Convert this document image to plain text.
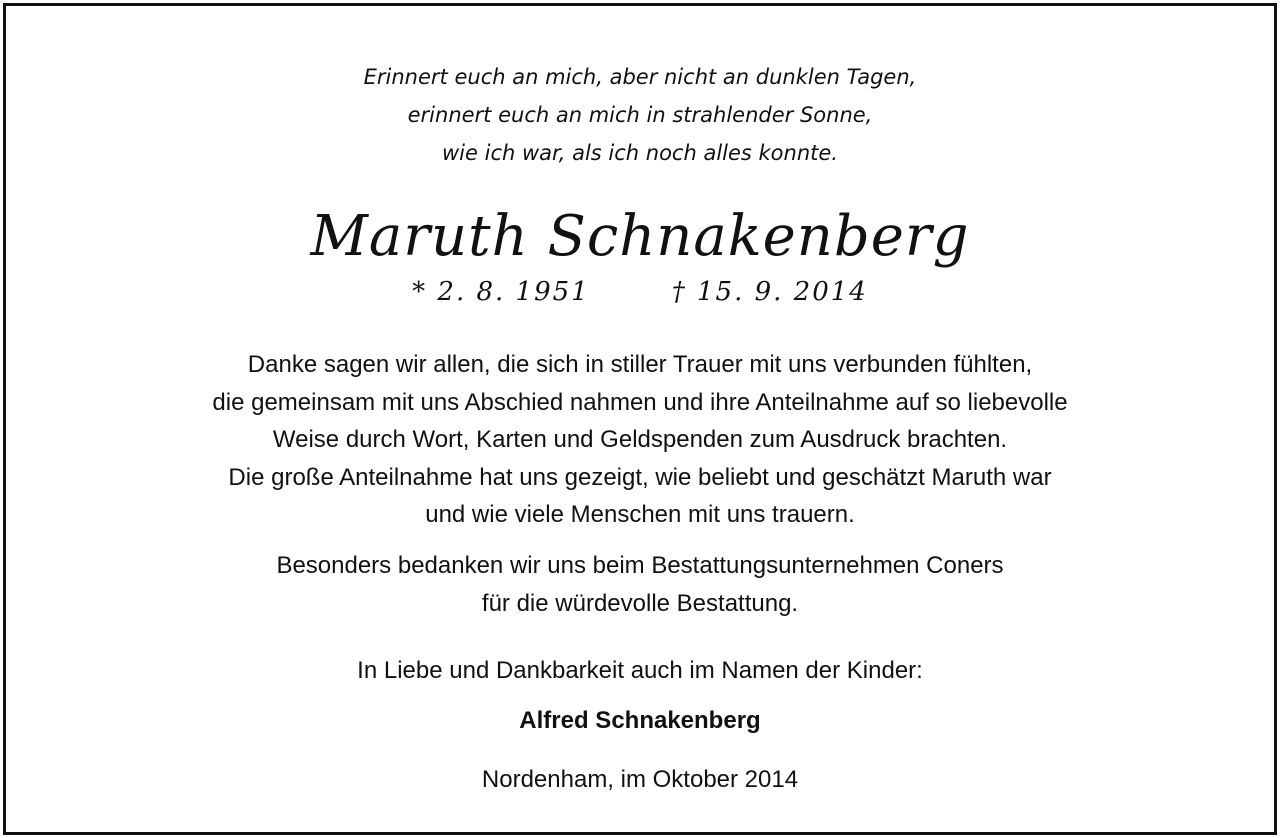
Erinnert euch an mich, aber nicht an dunklen Tagen,
erinnert euch an mich in strahlender Sonne,
wie ich war, als ich noch alles konnte.
Maruth Schnakenberg
* 2. 8. 1951	† 15. 9. 2014
Danke sagen wir allen, die sich in stiller Trauer mit uns verbunden fühlten,
die gemeinsam mit uns Abschied nahmen und ihre Anteilnahme auf so liebevolle
Weise durch Wort, Karten und Geldspenden zum Ausdruck brachten.
Die große Anteilnahme hat uns gezeigt, wie beliebt und geschätzt Maruth war
und wie viele Menschen mit uns trauern.
Besonders bedanken wir uns beim Bestattungsunternehmen Coners
für die würdevolle Bestattung.
In Liebe und Dankbarkeit auch im Namen der Kinder:
Alfred Schnakenberg
Nordenham, im Oktober 2014
